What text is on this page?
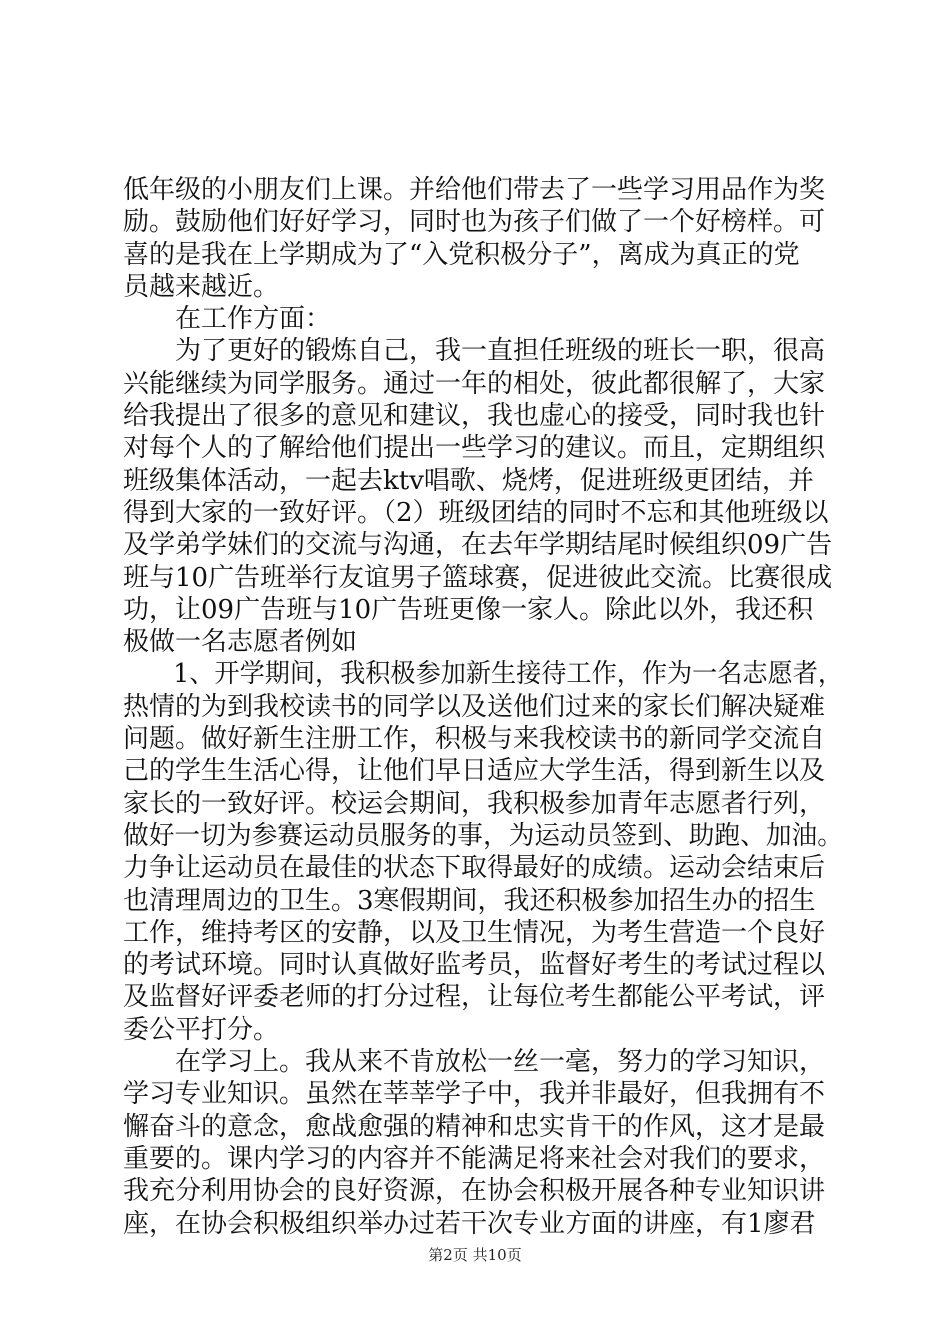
低年级的小朋友们上课。并给他们带去了一些学习用品作为奖
励。鼓励他们好好学习，同时也为孩子们做了一个好榜样。可
喜的是我在上学期成为了“入党积极分子”，离成为真正的党
员越来越近。
　　在工作方面：
　　为了更好的锻炼自己，我一直担任班级的班长一职，很高
兴能继续为同学服务。通过一年的相处，彼此都很解了，大家
给我提出了很多的意见和建议，我也虚心的接受，同时我也针
对每个人的了解给他们提出一些学习的建议。而且，定期组织
班级集体活动，一起去ktv唱歌、烧烤，促进班级更团结，并
得到大家的一致好评。（2）班级团结的同时不忘和其他班级以
及学弟学妹们的交流与沟通，在去年学期结尾时候组织09广告
班与10广告班举行友谊男子篮球赛，促进彼此交流。比赛很成
功，让09广告班与10广告班更像一家人。除此以外，我还积
极做一名志愿者例如
　　1、开学期间，我积极参加新生接待工作，作为一名志愿者，
热情的为到我校读书的同学以及送他们过来的家长们解决疑难
问题。做好新生注册工作，积极与来我校读书的新同学交流自
己的学生生活心得，让他们早日适应大学生活，得到新生以及
家长的一致好评。校运会期间，我积极参加青年志愿者行列，
做好一切为参赛运动员服务的事，为运动员签到、助跑、加油。
力争让运动员在最佳的状态下取得最好的成绩。运动会结束后
也清理周边的卫生。3寒假期间，我还积极参加招生办的招生
工作，维持考区的安静，以及卫生情况，为考生营造一个良好
的考试环境。同时认真做好监考员，监督好考生的考试过程以
及监督好评委老师的打分过程，让每位考生都能公平考试，评
委公平打分。
　　在学习上。我从来不肯放松一丝一毫，努力的学习知识，
学习专业知识。虽然在莘莘学子中，我并非最好，但我拥有不
懈奋斗的意念，愈战愈强的精神和忠实肯干的作风，这才是最
重要的。课内学习的内容并不能满足将来社会对我们的要求，
我充分利用协会的良好资源，在协会积极开展各种专业知识讲
座，在协会积极组织举办过若干次专业方面的讲座，有1廖君
第2页 共10页
